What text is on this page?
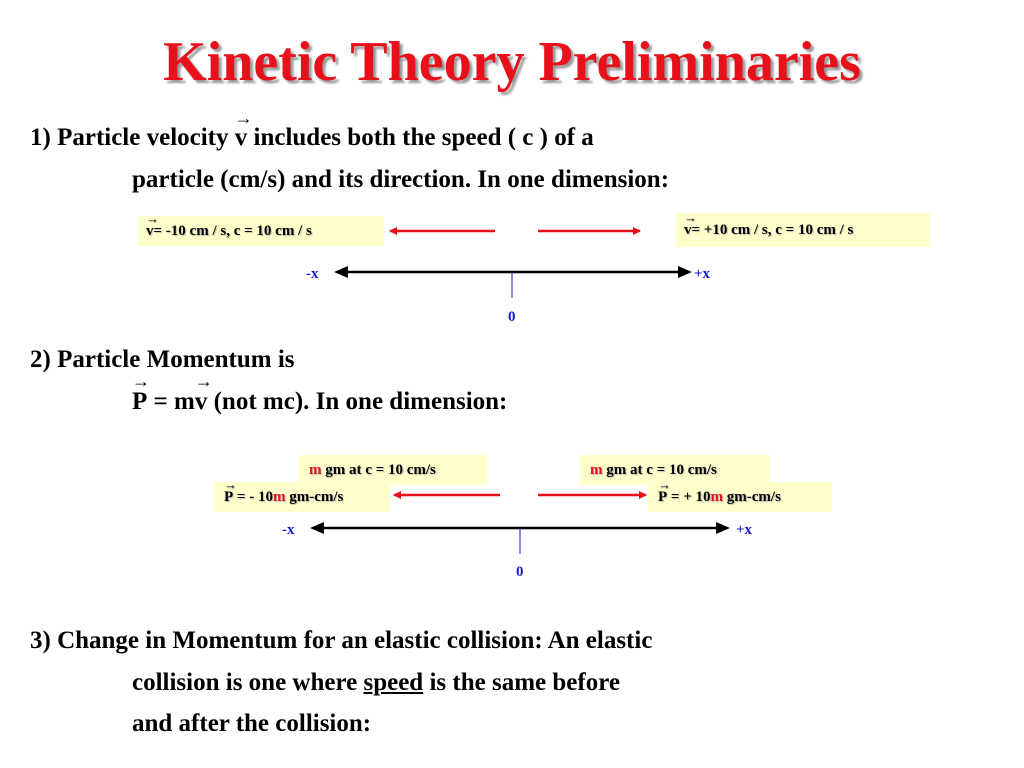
Kinetic Theory Preliminaries
1) Particle velocity
→
v includes both the speed ( c ) of a
particle (cm/s) and its direction. In one dimension:
→
v= -10 cm / s, c = 10 cm / s
→
v= +10 cm / s, c = 10 cm / s
-x	+x
0
2) Particle Momentum is
→
P = m
→
v (not mc). In one dimension:
m gm at c = 10 cm/s	m gm at c = 10 cm/s
→
P = - 10m gm-cm/s
→
P = + 10m gm-cm/s
-x	+x
0
3) Change in Momentum for an elastic collision: An elastic
collision is one where speed is the same before
and after the collision:
